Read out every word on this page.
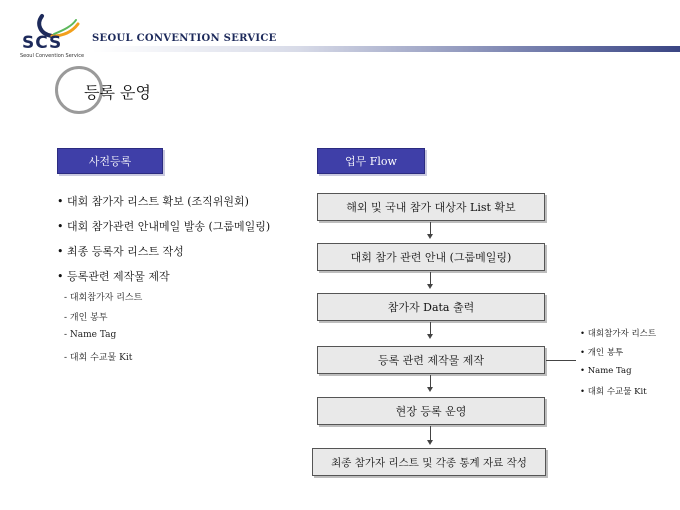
SCS
Seoul Convention Service
SEOUL CONVENTION SERVICE
등록 운영
사전등록	업무 Flow
• 대회 참가자 리스트 확보 (조직위원회)
• 대회 참가관련 안내메일 발송 (그룹메일링)
• 최종 등록자 리스트 작성
• 등록관련 제작물 제작
- 대회참가자 리스트
- 개인 봉투
- Name Tag
- 대회 수교물 Kit
해외 및 국내 참가 대상자 List 확보
대회 참가 관련 안내 (그룹메일링)
참가자 Data 출력
등록 관련 제작물 제작
현장 등록 운영
최종 참가자 리스트 및 각종 통계 자료 작성
• 대회참가자 리스트
• 개인 봉투
• Name Tag
• 대회 수교물 Kit
